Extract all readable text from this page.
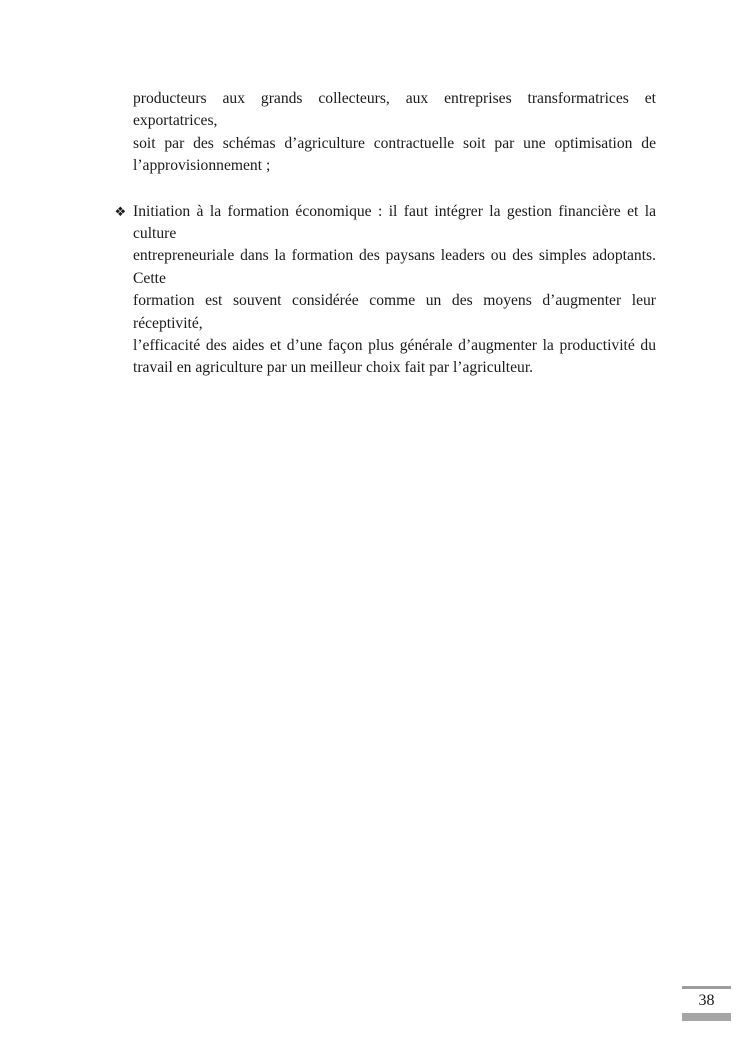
producteurs aux grands collecteurs, aux entreprises transformatrices et exportatrices,
soit par des schémas d’agriculture contractuelle soit par une optimisation de
l’approvisionnement ;
❖ Initiation à la formation économique : il faut intégrer la gestion financière et la culture
entrepreneuriale dans la formation des paysans leaders ou des simples adoptants. Cette
formation est souvent considérée comme un des moyens d’augmenter leur réceptivité,
l’efficacité des aides et d’une façon plus générale d’augmenter la productivité du
travail en agriculture par un meilleur choix fait par l’agriculteur.
38
